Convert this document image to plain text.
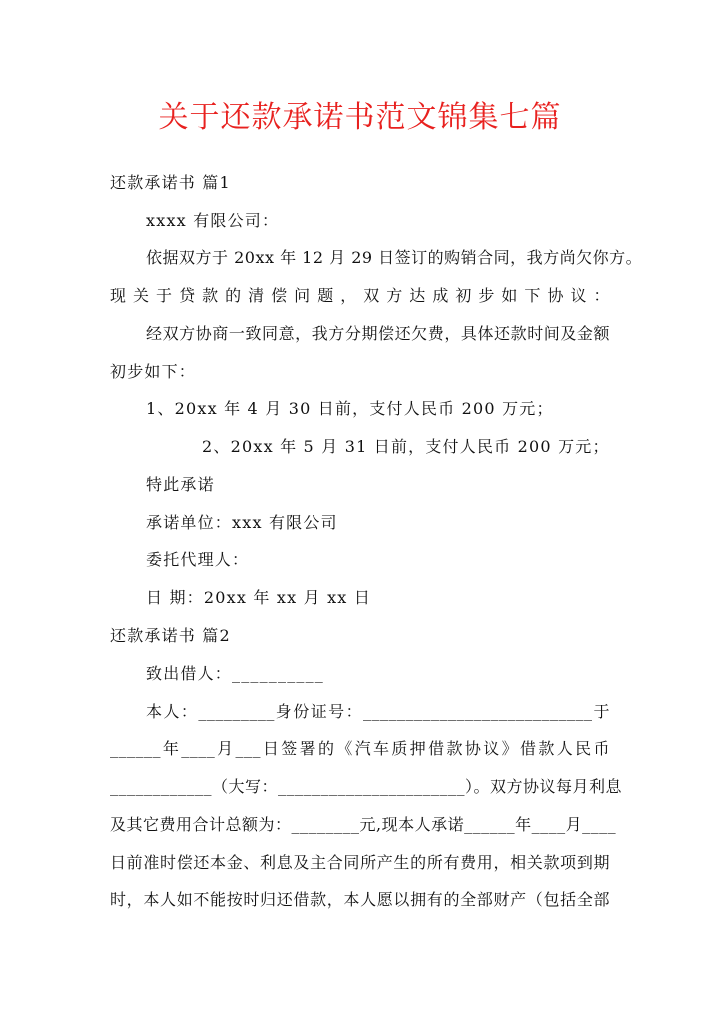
关于还款承诺书范文锦集七篇
还款承诺书 篇1
xxxx 有限公司：
依据双方于 20xx 年 12 月 29 日签订的购销合同，我方尚欠你方。
现关于贷款的清偿问题，双方达成初步如下协议：
经双方协商一致同意，我方分期偿还欠费，具体还款时间及金额
初步如下：
1、20xx 年 4 月 30 日前，支付人民币 200 万元；
2、20xx 年 5 月 31 日前，支付人民币 200 万元；
特此承诺
承诺单位：xxx 有限公司
委托代理人：
日 期：20xx 年 xx 月 xx 日
还款承诺书 篇2
致出借人：__________
本人：_________身份证号：___________________________于
______年____月___日签署的《汽车质押借款协议》借款人民币
____________（大写：______________________）。双方协议每月利息
及其它费用合计总额为：________元,现本人承诺______年____月____
日前准时偿还本金、利息及主合同所产生的所有费用，相关款项到期
时，本人如不能按时归还借款，本人愿以拥有的全部财产（包括全部
